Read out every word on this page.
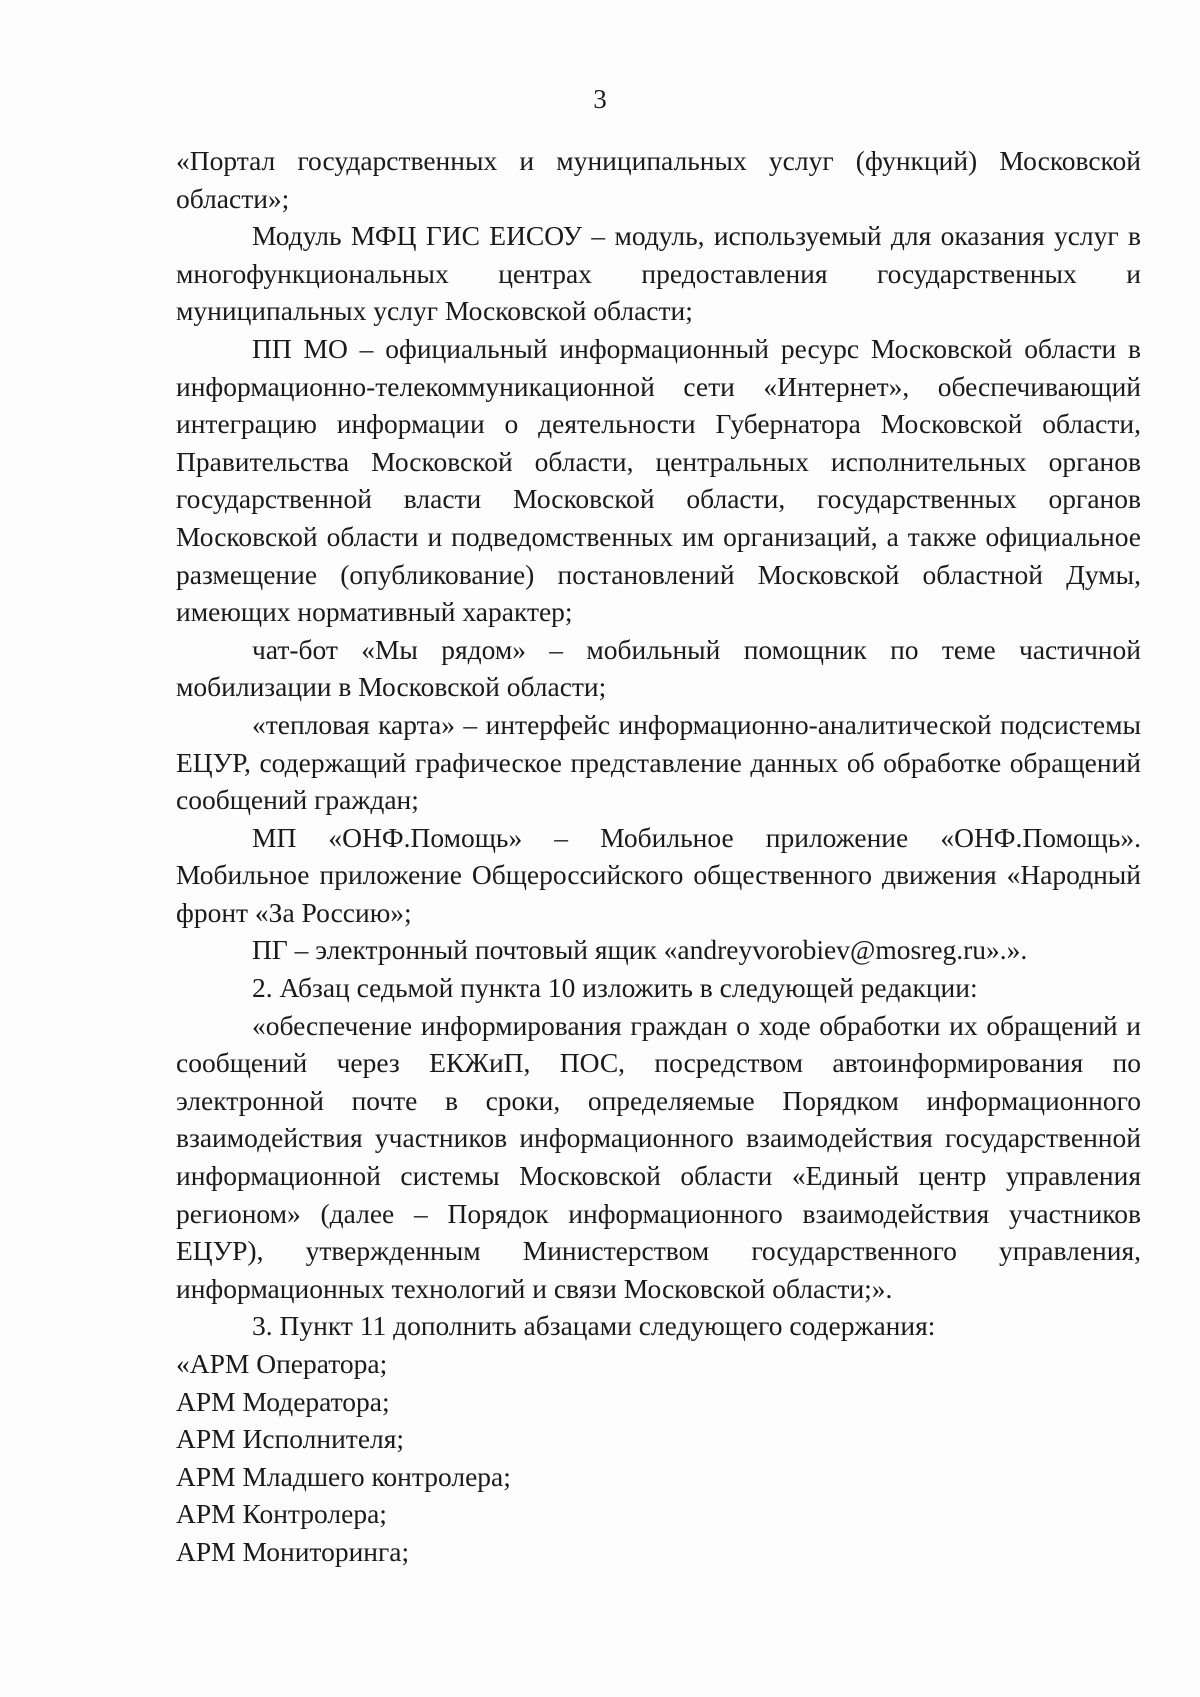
3

«Портал государственных и муниципальных услуг (функций) Московской области»;

Модуль МФЦ ГИС ЕИСОУ – модуль, используемый для оказания услуг в многофункциональных центрах предоставления государственных и муниципальных услуг Московской области;

ПП МО – официальный информационный ресурс Московской области в информационно-телекоммуникационной сети «Интернет», обеспечивающий интеграцию информации о деятельности Губернатора Московской области, Правительства Московской области, центральных исполнительных органов государственной власти Московской области, государственных органов Московской области и подведомственных им организаций, а также официальное размещение (опубликование) постановлений Московской областной Думы, имеющих нормативный характер;

чат-бот «Мы рядом» – мобильный помощник по теме частичной мобилизации в Московской области;

«тепловая карта» – интерфейс информационно-аналитической подсистемы ЕЦУР, содержащий графическое представление данных об обработке обращений сообщений граждан;

МП «ОНФ.Помощь» – Мобильное приложение «ОНФ.Помощь». Мобильное приложение Общероссийского общественного движения «Народный фронт «За Россию»;

ПГ – электронный почтовый ящик «andreyvorobiev@mosreg.ru».».

2. Абзац седьмой пункта 10 изложить в следующей редакции:

«обеспечение информирования граждан о ходе обработки их обращений и сообщений через ЕКЖиП, ПОС, посредством автоинформирования по электронной почте в сроки, определяемые Порядком информационного взаимодействия участников информационного взаимодействия государственной информационной системы Московской области «Единый центр управления регионом» (далее – Порядок информационного взаимодействия участников ЕЦУР), утвержденным Министерством государственного управления, информационных технологий и связи Московской области;».

3. Пункт 11 дополнить абзацами следующего содержания:

«АРМ Оператора;

АРМ Модератора;

АРМ Исполнителя;

АРМ Младшего контролера;

АРМ Контролера;

АРМ Мониторинга;
